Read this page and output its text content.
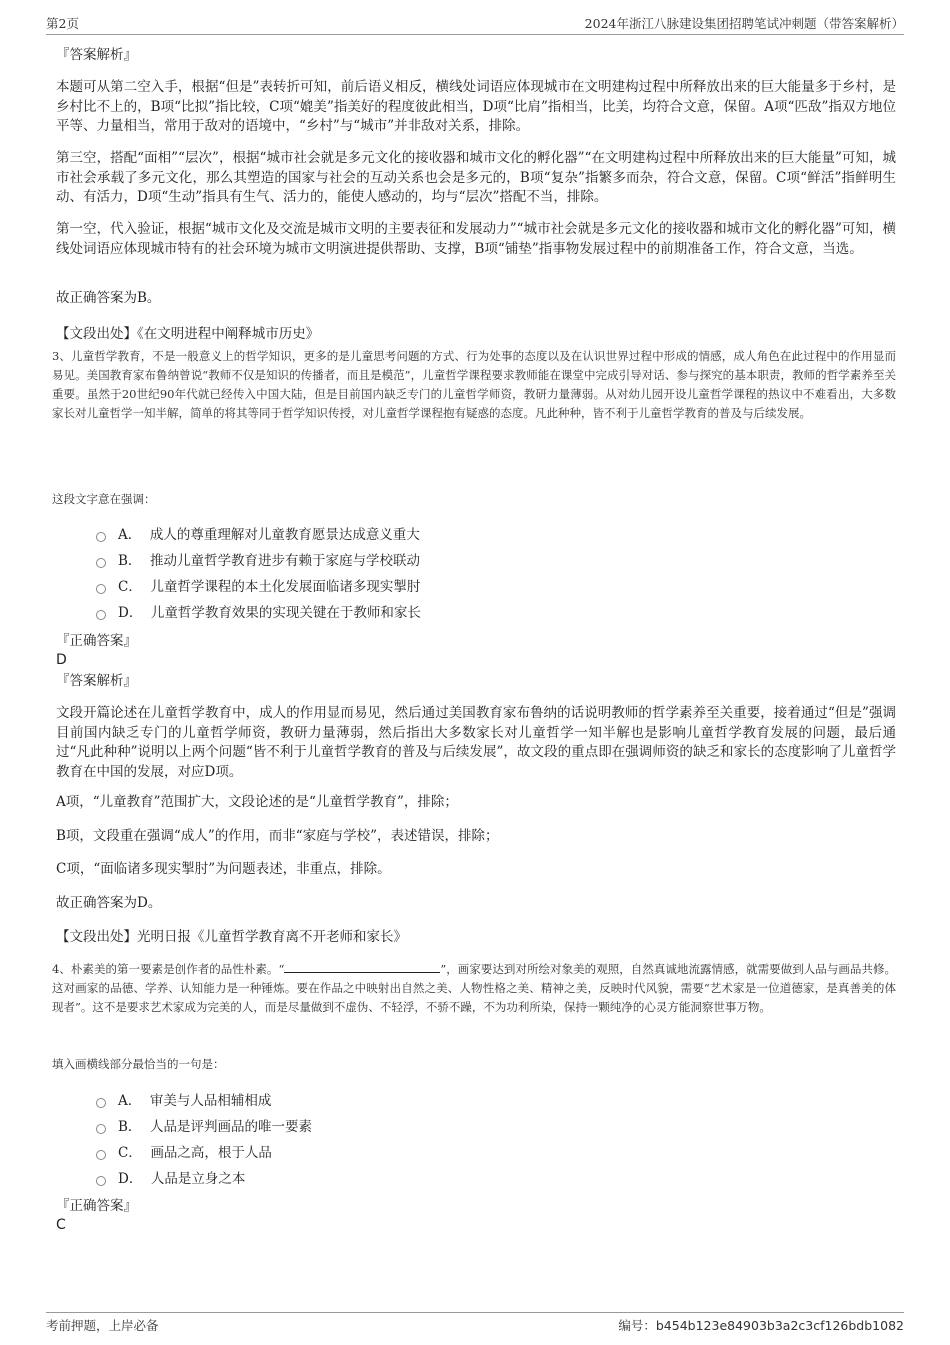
第2页	2024年浙江八脉建设集团招聘笔试冲刺题（带答案解析）

『答案解析』

本题可从第二空入手，根据“但是”表转折可知，前后语义相反，横线处词语应体现城市在文明建构过程中所释放出来的巨大能量多于乡村，是乡村比不上的，B项“比拟”指比较，C项“媲美”指美好的程度彼此相当，D项“比肩”指相当，比美，均符合文意，保留。A项“匹敌”指双方地位平等、力量相当，常用于敌对的语境中，“乡村”与“城市”并非敌对关系，排除。

第三空，搭配“面相”“层次”，根据“城市社会就是多元文化的接收器和城市文化的孵化器”“在文明建构过程中所释放出来的巨大能量”可知，城市社会承载了多元文化，那么其塑造的国家与社会的互动关系也会是多元的，B项“复杂”指繁多而杂，符合文意，保留。C项“鲜活”指鲜明生动、有活力，D项“生动”指具有生气、活力的，能使人感动的，均与“层次”搭配不当，排除。

第一空，代入验证，根据“城市文化及交流是城市文明的主要表征和发展动力”“城市社会就是多元文化的接收器和城市文化的孵化器”可知，横线处词语应体现城市特有的社会环境为城市文明演进提供帮助、支撑，B项“铺垫”指事物发展过程中的前期准备工作，符合文意，当选。

故正确答案为B。

【文段出处】《在文明进程中阐释城市历史》

3、儿童哲学教育，不是一般意义上的哲学知识，更多的是儿童思考问题的方式、行为处事的态度以及在认识世界过程中形成的情感，成人角色在此过程中的作用显而易见。美国教育家布鲁纳曾说“教师不仅是知识的传播者，而且是模范”，儿童哲学课程要求教师能在课堂中完成引导对话、参与探究的基本职责，教师的哲学素养至关重要。虽然于20世纪90年代就已经传入中国大陆，但是目前国内缺乏专门的儿童哲学师资，教研力量薄弱。从对幼儿园开设儿童哲学课程的热议中不难看出，大多数家长对儿童哲学一知半解，简单的将其等同于哲学知识传授，对儿童哲学课程抱有疑惑的态度。凡此种种，皆不利于儿童哲学教育的普及与后续发展。

这段文字意在强调：

A． 成人的尊重理解对儿童教育愿景达成意义重大
B． 推动儿童哲学教育进步有赖于家庭与学校联动
C． 儿童哲学课程的本土化发展面临诸多现实掣肘
D． 儿童哲学教育效果的实现关键在于教师和家长

『正确答案』

D

『答案解析』

文段开篇论述在儿童哲学教育中，成人的作用显而易见，然后通过美国教育家布鲁纳的话说明教师的哲学素养至关重要，接着通过“但是”强调目前国内缺乏专门的儿童哲学师资，教研力量薄弱，然后指出大多数家长对儿童哲学一知半解也是影响儿童哲学教育发展的问题，最后通过“凡此种种”说明以上两个问题“皆不利于儿童哲学教育的普及与后续发展”，故文段的重点即在强调师资的缺乏和家长的态度影响了儿童哲学教育在中国的发展，对应D项。

A项，“儿童教育”范围扩大，文段论述的是“儿童哲学教育”，排除；

B项，文段重在强调“成人”的作用，而非“家庭与学校”，表述错误，排除；

C项，“面临诸多现实掣肘”为问题表述，非重点，排除。

故正确答案为D。

【文段出处】光明日报《儿童哲学教育离不开老师和家长》

4、朴素美的第一要素是创作者的品性朴素。“	”，画家要达到对所绘对象美的观照，自然真诚地流露情感，就需要做到人品与画品共修。这对画家的品德、学养、认知能力是一种锤炼。要在作品之中映射出自然之美、人物性格之美、精神之美，反映时代风貌，需要“艺术家是一位道德家，是真善美的体现者”。这不是要求艺术家成为完美的人，而是尽量做到不虚伪、不轻浮，不骄不躁，不为功利所染，保持一颗纯净的心灵方能洞察世事万物。

填入画横线部分最恰当的一句是：

A． 审美与人品相辅相成
B． 人品是评判画品的唯一要素
C． 画品之高，根于人品
D． 人品是立身之本

『正确答案』

C

考前押题，上岸必备	编号：b454b123e84903b3a2c3cf126bdb1082
